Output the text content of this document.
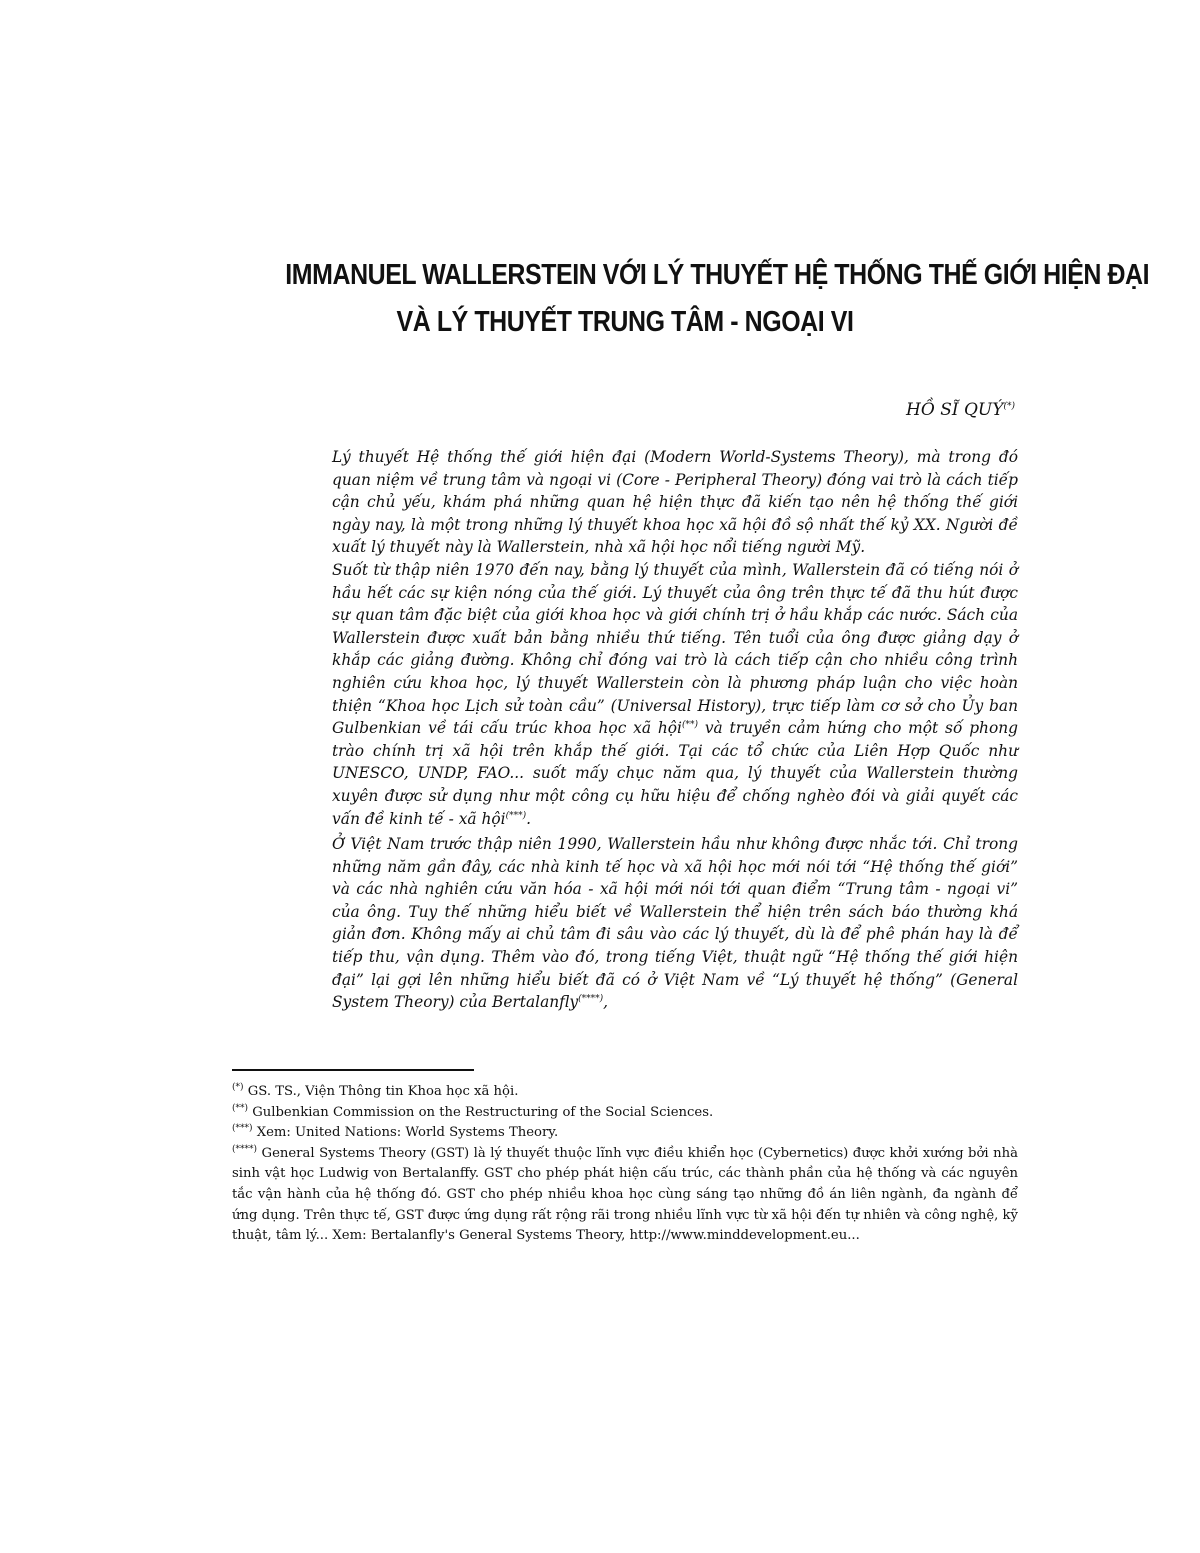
IMMANUEL WALLERSTEIN VỚI LÝ THUYẾT HỆ THỐNG THẾ GIỚI HIỆN ĐẠI
VÀ LÝ THUYẾT TRUNG TÂM - NGOẠI VI
HỒ SĨ QUÝ(*)

Lý thuyết Hệ thống thế giới hiện đại (Modern World-Systems Theory), mà trong đó quan niệm về trung tâm và ngoại vi (Core - Peripheral Theory) đóng vai trò là cách tiếp cận chủ yếu, khám phá những quan hệ hiện thực đã kiến tạo nên hệ thống thế giới ngày nay, là một trong những lý thuyết khoa học xã hội đồ sộ nhất thế kỷ XX. Người đề xuất lý thuyết này là Wallerstein, nhà xã hội học nổi tiếng người Mỹ.

Suốt từ thập niên 1970 đến nay, bằng lý thuyết của mình, Wallerstein đã có tiếng nói ở hầu hết các sự kiện nóng của thế giới. Lý thuyết của ông trên thực tế đã thu hút được sự quan tâm đặc biệt của giới khoa học và giới chính trị ở hầu khắp các nước. Sách của Wallerstein được xuất bản bằng nhiều thứ tiếng. Tên tuổi của ông được giảng dạy ở khắp các giảng đường. Không chỉ đóng vai trò là cách tiếp cận cho nhiều công trình nghiên cứu khoa học, lý thuyết Wallerstein còn là phương pháp luận cho việc hoàn thiện “Khoa học Lịch sử toàn cầu” (Universal History), trực tiếp làm cơ sở cho Ủy ban Gulbenkian về tái cấu trúc khoa học xã hội(**) và truyền cảm hứng cho một số phong trào chính trị xã hội trên khắp thế giới. Tại các tổ chức của Liên Hợp Quốc như UNESCO, UNDP, FAO... suốt mấy chục năm qua, lý thuyết của Wallerstein thường xuyên được sử dụng như một công cụ hữu hiệu để chống nghèo đói và giải quyết các vấn đề kinh tế - xã hội(***).

Ở Việt Nam trước thập niên 1990, Wallerstein hầu như không được nhắc tới. Chỉ trong những năm gần đây, các nhà kinh tế học và xã hội học mới nói tới “Hệ thống thế giới” và các nhà nghiên cứu văn hóa - xã hội mới nói tới quan điểm “Trung tâm - ngoại vi” của ông. Tuy thế những hiểu biết về Wallerstein thể hiện trên sách báo thường khá giản đơn. Không mấy ai chủ tâm đi sâu vào các lý thuyết, dù là để phê phán hay là để tiếp thu, vận dụng. Thêm vào đó, trong tiếng Việt, thuật ngữ “Hệ thống thế giới hiện đại” lại gợi lên những hiểu biết đã có ở Việt Nam về “Lý thuyết hệ thống” (General System Theory) của Bertalanfly(****),

(*) GS. TS., Viện Thông tin Khoa học xã hội.

(**) Gulbenkian Commission on the Restructuring of the Social Sciences.

(***) Xem: United Nations: World Systems Theory.

(****) General Systems Theory (GST) là lý thuyết thuộc lĩnh vực điều khiển học (Cybernetics) được khởi xướng bởi nhà sinh vật học Ludwig von Bertalanffy. GST cho phép phát hiện cấu trúc, các thành phần của hệ thống và các nguyên tắc vận hành của hệ thống đó. GST cho phép nhiều khoa học cùng sáng tạo những đồ án liên ngành, đa ngành để ứng dụng. Trên thực tế, GST được ứng dụng rất rộng rãi trong nhiều lĩnh vực từ xã hội đến tự nhiên và công nghệ, kỹ thuật, tâm lý... Xem: Bertalanfly's General Systems Theory, http://www.minddevelopment.eu...
